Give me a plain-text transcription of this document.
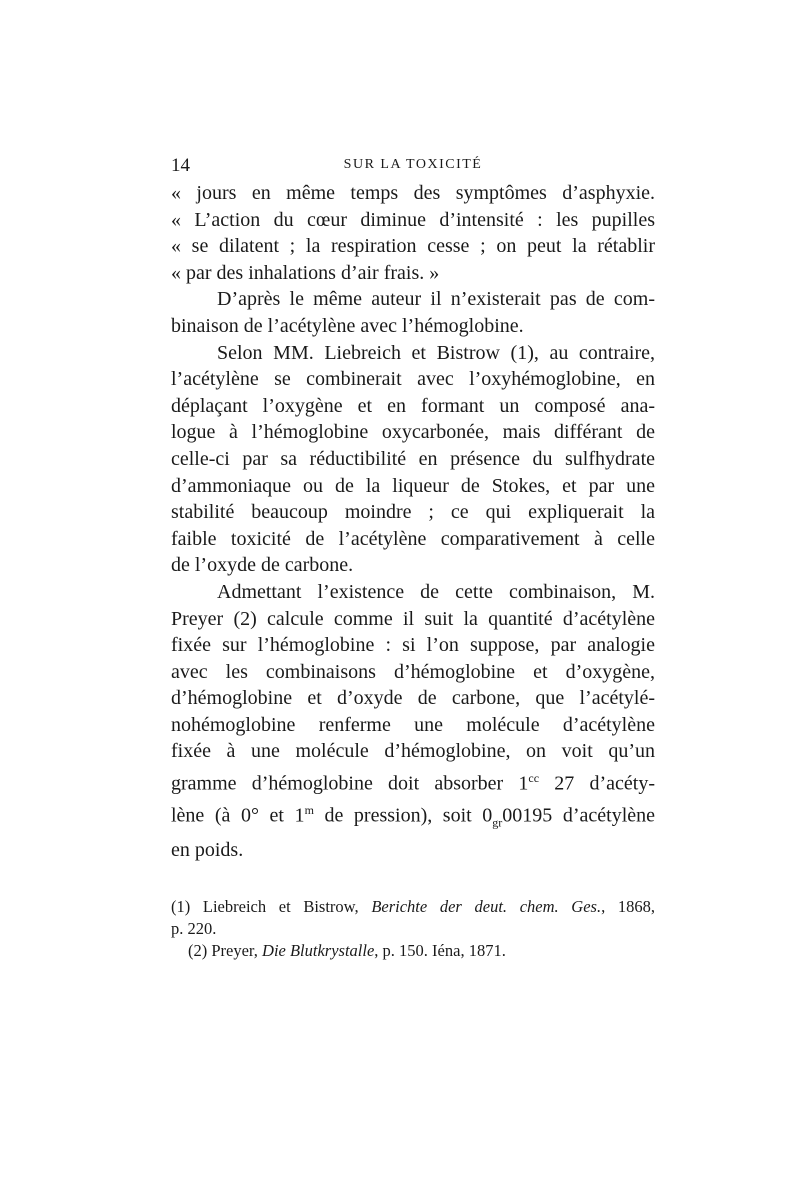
14	SUR LA TOXICITÉ
« jours en même temps des symptômes d’asphyxie.
« L’action du cœur diminue d’intensité : les pupilles
« se dilatent ; la respiration cesse ; on peut la rétablir
« par des inhalations d’air frais. »
D’après le même auteur il n’existerait pas de com-
binaison de l’acétylène avec l’hémoglobine.
Selon MM. Liebreich et Bistrow (1), au contraire,
l’acétylène se combinerait avec l’oxyhémoglobine, en
déplaçant l’oxygène et en formant un composé ana-
logue à l’hémoglobine oxycarbonée, mais différant de
celle-ci par sa réductibilité en présence du sulfhydrate
d’ammoniaque ou de la liqueur de Stokes, et par une
stabilité beaucoup moindre ; ce qui expliquerait la
faible toxicité de l’acétylène comparativement à celle
de l’oxyde de carbone.
Admettant l’existence de cette combinaison, M.
Preyer (2) calcule comme il suit la quantité d’acétylène
fixée sur l’hémoglobine : si l’on suppose, par analogie
avec les combinaisons d’hémoglobine et d’oxygène,
d’hémoglobine et d’oxyde de carbone, que l’acétylé-
nohémoglobine renferme une molécule d’acétylène
fixée à une molécule d’hémoglobine, on voit qu’un
gramme d’hémoglobine doit absorber $1^{cc}$ 27 d’acéty-
lène (à 0° et 1$^m$ de pression), soit $0_{gr}00195$ d’acétylène
en poids.
(1) Liebreich et Bistrow, Berichte der deut. chem. Ges., 1868,
p. 220.
(2) Preyer, Die Blutkrystalle, p. 150. Iéna, 1871.
